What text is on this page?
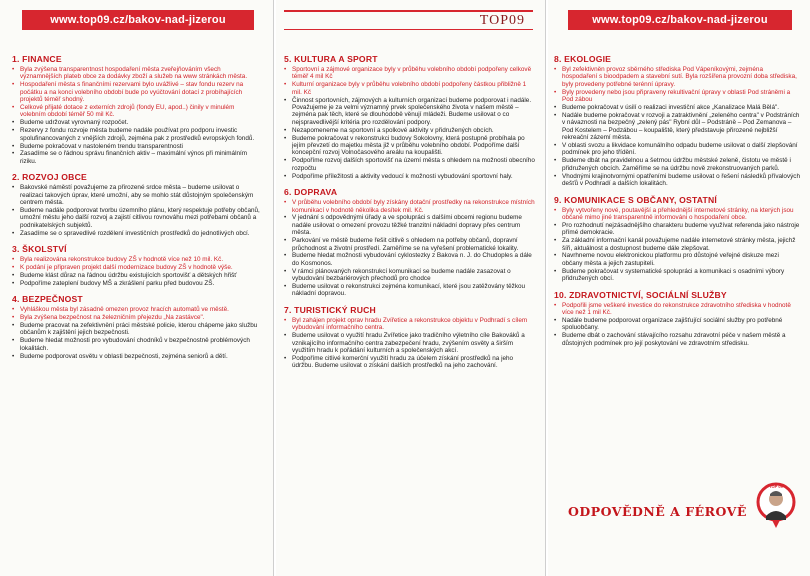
www.top09.cz/bakov-nad-jizerou
1. FINANCE
• Byla zvýšena transparentnost hospodaření města zveřejňováním všech významnějších plateb obce za dodávky zboží a služeb na www stránkách města.
• Hospodaření města s finančními rezervami bylo uvážlivé – stav fondu rezerv na počátku a na konci volebního období bude po vyúčtování dotací z probíhajících projektů téměř shodný.
• Celkové přijaté dotace z externích zdrojů (fondy EU, apod..) činily v minulém volebním období téměř 50 mil Kč.
• Budeme udržovat vyrovnaný rozpočet.
• Rezervy z fondu rozvoje města budeme nadále používat pro podporu investic spolufinancovaných z vnějších zdrojů, zejména pak z prostředků evropských fondů.
• Budeme pokračovat v nastoleném trendu transparentnosti
• Zasadíme se o řádnou správu finančních aktiv – maximální výnos při minimálním riziku.
2. ROZVOJ OBCE
• Bakovské náměstí považujeme za přirozené srdce města – budeme usilovat o realizaci takových úprav, které umožní, aby se mohlo stát důstojným společenským centrem města.
• Budeme nadále podporovat tvorbu územního plánu, který respektuje potřeby občanů, umožní městu jeho další rozvoj a zajistí citlivou rovnováhu mezi potřebami občanů a podnikatelských subjektů.
• Zasadíme se o spravedlivé rozdělení investičních prostředků do jednotlivých obcí.
3. ŠKOLSTVÍ
• Byla realizována rekonstrukce budovy ZŠ v hodnotě více než 10 mil. Kč.
• K podání je připraven projekt další modernizace budovy ZŠ v hodnotě výše.
• Budeme klást důraz na řádnou údržbu existujících sportovišť a dětských hřišť
• Podpoříme zateplení budovy MŠ a zkrášlení parku před budovou ZŠ.
4. BEZPEČNOST
• Vyhláškou města byl zásadně omezen provoz hracích automatů ve městě.
• Byla zvýšena bezpečnost na železničním přejezdu „Na zastávce".
• Budeme pracovat na zefektivnění práci městské policie, kterou chápeme jako službu občanům k zajištění jejich bezpečnosti.
• Budeme hledat možnosti pro vybudování chodníků v bezpečnostně problémových lokalitách.
• Budeme podporovat osvětu v oblasti bezpečnosti, zejména seniorů a dětí.
TOP09
5. KULTURA A SPORT
• Sportovní a zájmové organizace byly v průběhu volebního období podpořeny celkově téměř 4 mil Kč
• Kulturní organizace byly v průběhu volebního období podpořeny částkou přibližně 1 mil. Kč
• Činnost sportovních, zájmových a kulturních organizací budeme podporovat i nadále. Považujeme je za velmi významný prvek společenského života v našem městě – zejména pak těch, které se dlouhodobě věnují mládeži. Budeme usilovat o co nejspravedlivější kritéria pro rozdělování podpory.
• Nezapomeneme na sportovní a spolkové aktivity v přidružených obcích.
• Budeme pokračovat v rekonstrukci budovy Sokolovny, která postupně probíhala po jejím převzetí do majetku města již v průběhu volebního období. Podpoříme další koncepční rozvoj Volnočasového areálu na koupališti.
• Podpoříme rozvoj dalších sportovišť na území města s ohledem na možnosti obecního rozpočtu
• Podpoříme příležitosti a aktivity vedoucí k možnosti vybudování sportovní haly.
6. DOPRAVA
• V průběhu volebního období byly získány dotační prostředky na rekonstrukce místních komunikací v hodnotě několika desítek mil. Kč.
• V jednání s odpovědnými úřady a ve spolupráci s dalšími obcemi regionu budeme nadále usilovat o omezení provozu těžké tranzitní nákladní dopravy přes centrum města.
• Parkování ve městě budeme řešit citlivě s ohledem na potřeby občanů, dopravní průchodnost a životní prostředí. Zaměříme se na vyřešení problematické lokality.
• Budeme hledat možnosti vybudování cyklostezky z Bakova n. J. do Chudoples a dále do Kosmonos.
• V rámci plánovaných rekonstrukcí komunikací se budeme nadále zasazovat o vybudování bezbariérových přechodů pro chodce
• Budeme usilovat o rekonstrukci zejména komunikací, které jsou zatěžovány těžkou nákladní dopravou.
7. TURISTICKÝ RUCH
• Byl zahájen projekt oprav hradu Zvířetice a rekonstrukce objektu v Podhradí s cílem vybudování informačního centra.
• Budeme usilovat o využití hradu Zvířetice jako tradičního výletního cíle Bakováků a vznikajícího informačního centra zabezpečení hradu, zvýšením osvěty a širším využitím hradu k pořádání kulturních a společenských akcí.
• Podpoříme citlivé komerční využití hradu za účelem získání prostředků na jeho údržbu. Budeme usilovat o získání dalších prostředků na jeho zachování.
www.top09.cz/bakov-nad-jizerou
8. EKOLOGIE
• Byl zefektivněn provoz sběrného střediska Pod Vápeníkovými, zejména hospodaření s bioodpadem a stavební sutí. Byla rozšířena provozní doba střediska, byly provedeny potřebné terénní úpravy.
• Byly provedeny nebo jsou připraveny rekultivační úpravy v oblasti Pod stráněmi a Pod zábou
• Budeme pokračovat v úsilí o realizaci investiční akce „Kanalizace Malá Bělá".
• Nadále budeme pokračovat v rozvoji a zatraktivnění „zeleného centra" v Podstráních v návaznosti na bezpečný „zelený pás" Rybní důl – Podstráně – Pod Zemanova – Pod Kostelem – Podzábou – koupaliště, který představuje přirozené nejbližší rekreační zázemí města.
• V oblasti svozu a likvidace komunálního odpadu budeme usilovat o další zlepšování podmínek pro jeho třídění.
• Budeme dbát na pravidelnou a šetrnou údržbu městské zeleně, čistotu ve městě i přidružených obcích. Zaměříme se na údržbu nově zrekonstruovaných parků.
• Vhodnými krajinotvornými opatřeními budeme usilovat o řešení následků přívalových dešťů v Podhradí a dalších lokalitách.
9. KOMUNIKACE S OBČANY, OSTATNÍ
• Byly vytvořeny nové, poutavější a přehlednější internetové stránky, na kterých jsou občané mimo jiné transparentně informováni o hospodaření obce.
• Pro rozhodnutí nejzásadnějšího charakteru budeme využívat referenda jako nástroje přímé demokracie.
• Za základní informační kanál považujeme nadále internetové stránky města, jejichž šíři, aktuálnost a dostupnost budeme dále zlepšovat.
• Navrhneme novou elektronickou platformu pro důstojné veřejné diskuze mezi občany města a jejich zastupiteli.
• Budeme pokračovat v systematické spolupráci a komunikaci s osadními výbory přidružených obcí.
10. ZDRAVOTNICTVÍ, SOCIÁLNÍ SLUŽBY
• Podpořili jsme veškeré investice do rekonstrukce zdravotního střediska v hodnotě více než 1 mil Kč.
• Nadále budeme podporovat organizace zajišťující sociální služby pro potřebné spoluobčany.
• Budeme dbát o zachování stávajícího rozsahu zdravotní péče v našem městě a důstojných podmínek pro její poskytování ve zdravotním středisku.
ODPOVĚDNĚ A FÉROVĚ
TOP 09
